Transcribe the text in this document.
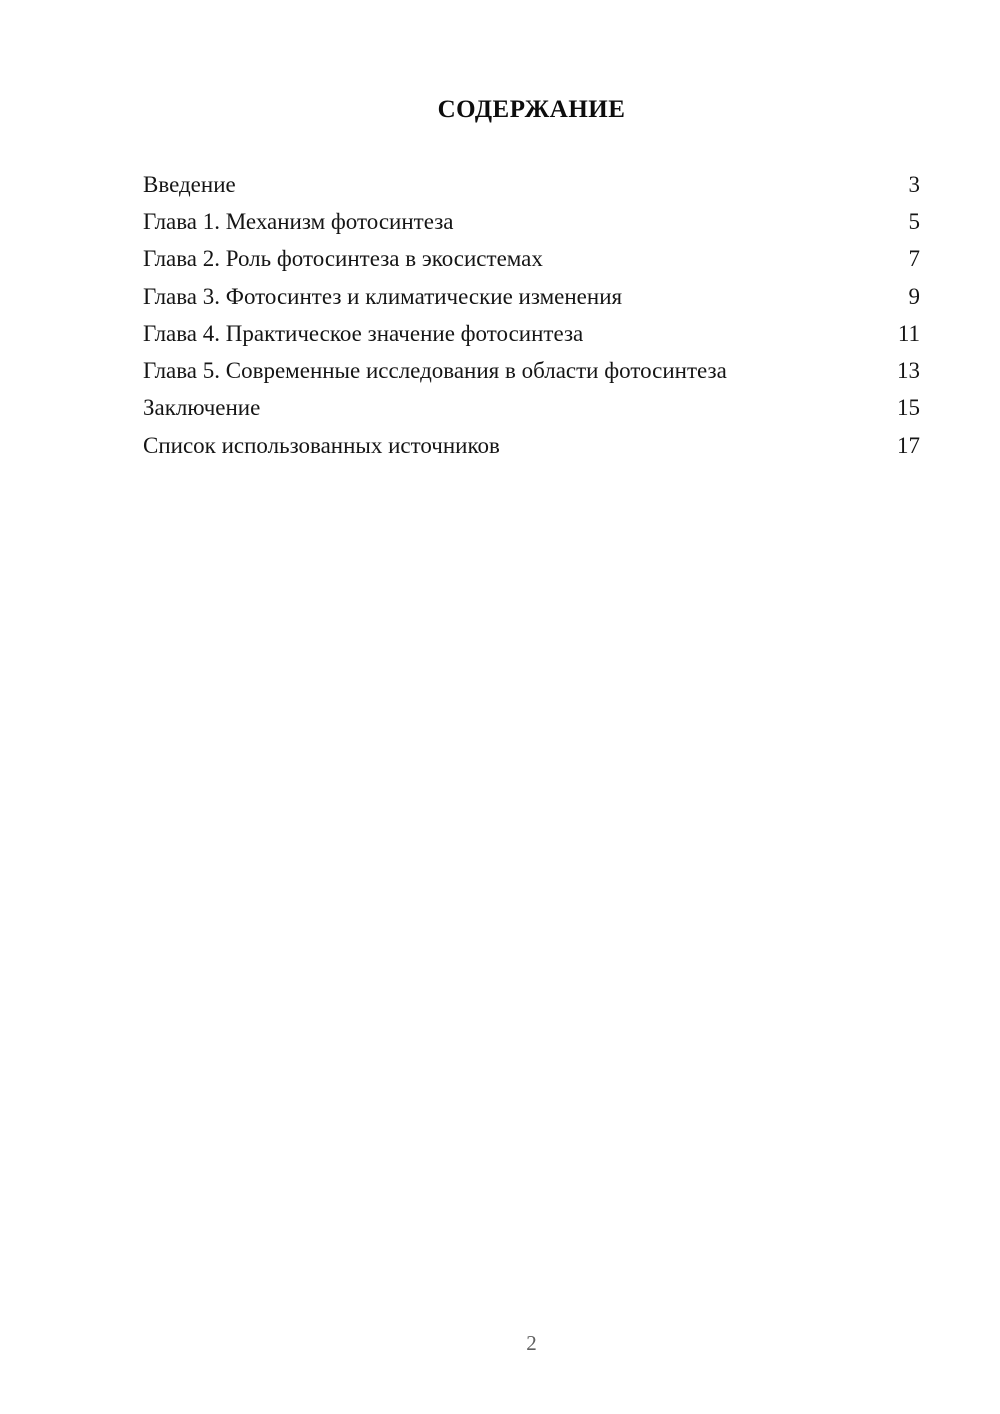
СОДЕРЖАНИЕ
Введение	3
Глава 1. Механизм фотосинтеза	5
Глава 2. Роль фотосинтеза в экосистемах	7
Глава 3. Фотосинтез и климатические изменения	9
Глава 4. Практическое значение фотосинтеза	11
Глава 5. Современные исследования в области фотосинтеза	13
Заключение	15
Список использованных источников	17
2
